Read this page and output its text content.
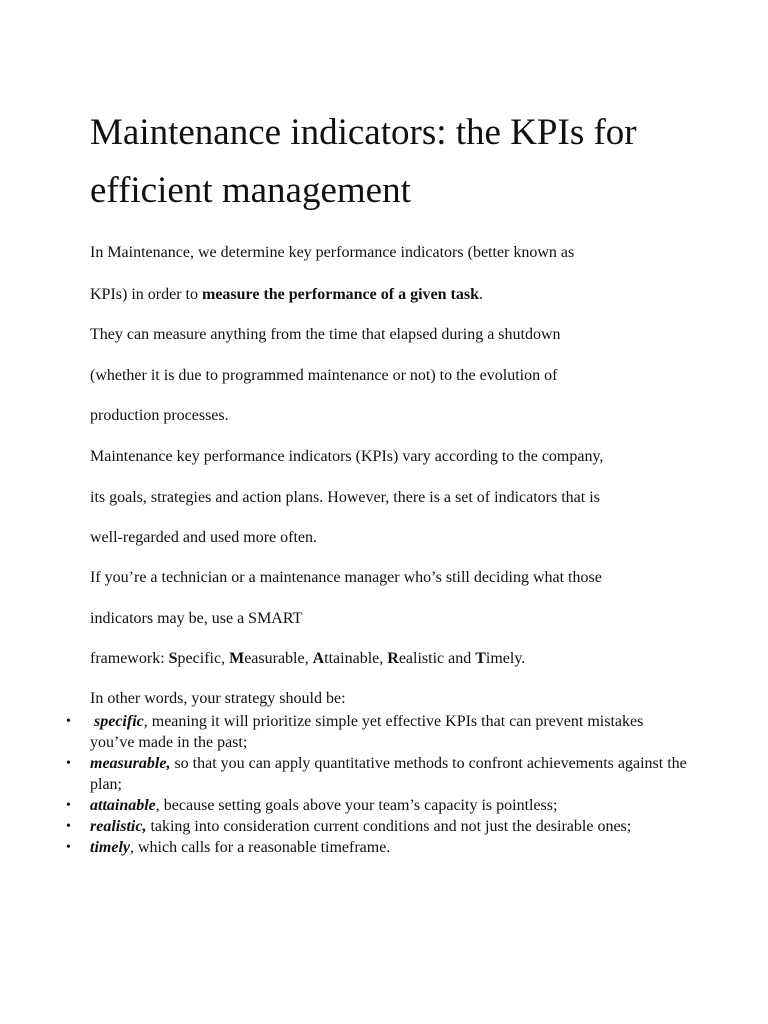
Maintenance indicators: the KPIs for
efficient management

In Maintenance, we determine key performance indicators (better known as

KPIs) in order to measure the performance of a given task.

They can measure anything from the time that elapsed during a shutdown

(whether it is due to programmed maintenance or not) to the evolution of

production processes.

Maintenance key performance indicators (KPIs) vary according to the company,

its goals, strategies and action plans. However, there is a set of indicators that is

well-regarded and used more often.

If you’re a technician or a maintenance manager who’s still deciding what those

indicators may be, use a SMART

framework: Specific, Measurable, Attainable, Realistic and Timely.

In other words, your strategy should be:

• specific, meaning it will prioritize simple yet effective KPIs that can prevent mistakes you’ve made in the past;
• measurable, so that you can apply quantitative methods to confront achievements against the plan;
• attainable, because setting goals above your team’s capacity is pointless;
• realistic, taking into consideration current conditions and not just the desirable ones;
• timely, which calls for a reasonable timeframe.
